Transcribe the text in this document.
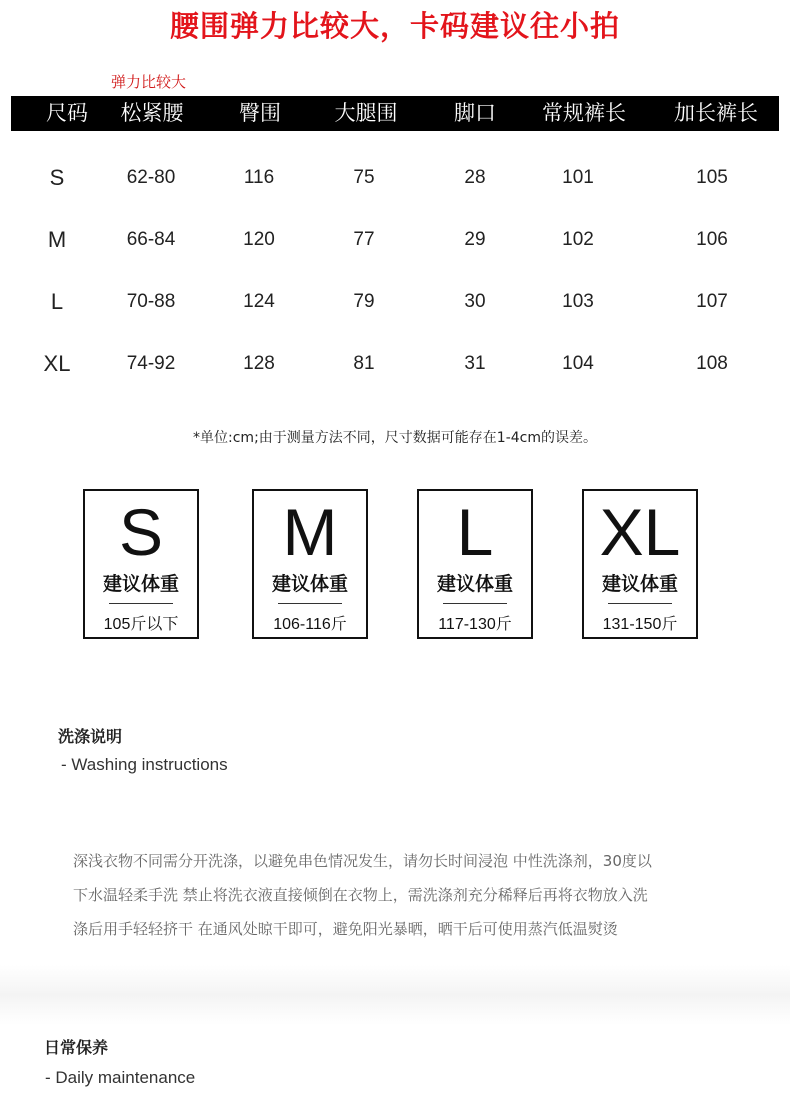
腰围弹力比较大，卡码建议往小拍
弹力比较大
尺码 松紧腰	臀围	大腿围	脚口 常规裤长 加长裤长
S	62-80	116	75	28	101	105
M	66-84	120	77	29	102	106
L	70-88	124	79	30	103	107
XL	74-92	128	81	31	104	108
*单位:cm;由于测量方法不同，尺寸数据可能存在1-4cm的误差。
S
建议体重
105斤以下
M
建议体重
106-116斤
L
建议体重
117-130斤
XL
建议体重
131-150斤
洗涤说明
- Washing instructions
深浅衣物不同需分开洗涤，以避免串色情况发生，请勿长时间浸泡 中性洗涤剂，30度以
下水温轻柔手洗 禁止将洗衣液直接倾倒在衣物上，需洗涤剂充分稀释后再将衣物放入洗
涤后用手轻轻挤干 在通风处晾干即可，避免阳光暴晒，晒干后可使用蒸汽低温熨烫
日常保养
- Daily maintenance
